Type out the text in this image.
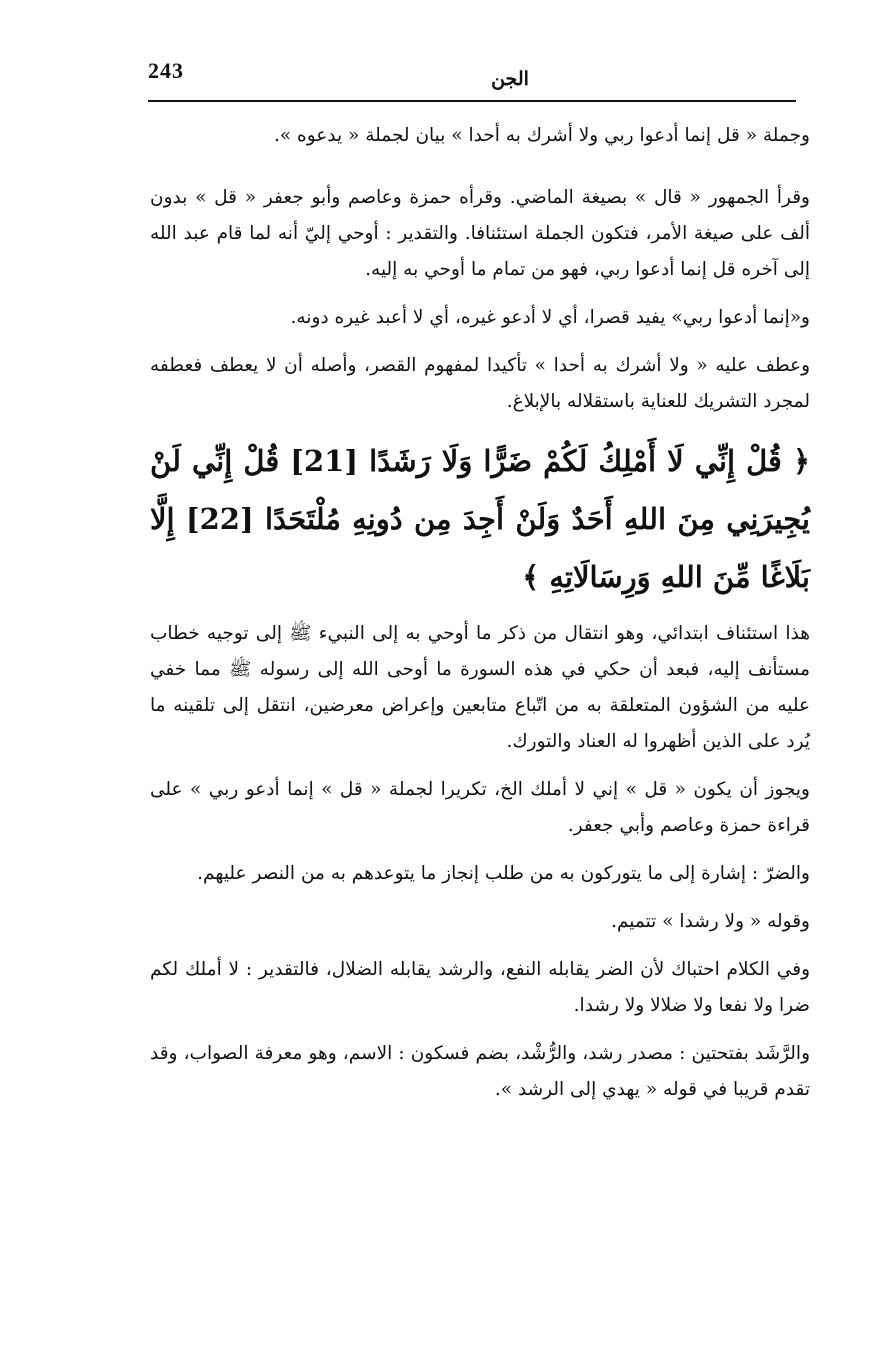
243	الجن

وجملة « قل إنما أدعوا ربي ولا أشرك به أحدا » بيان لجملة « يدعوه ».

وقرأ الجمهور « قال » بصيغة الماضي. وقرأه حمزة وعاصم وأبو جعفر « قل » بدون ألف على صيغة الأمر، فتكون الجملة استئنافا. والتقدير : أوحي إليّ أنه لما قام عبد الله إلى آخره قل إنما أدعوا ربي، فهو من تمام ما أوحي به إليه.

و«إنما أدعوا ربي» يفيد قصرا، أي لا أدعو غيره، أي لا أعبد غيره دونه.

وعطف عليه « ولا أشرك به أحدا » تأكيدا لمفهوم القصر، وأصله أن لا يعطف فعطفه لمجرد التشريك للعناية باستقلاله بالإبلاغ.

﴿ قُلْ إِنِّي لَا أَمْلِكُ لَكُمْ ضَرًّا وَلَا رَشَدًا [21] قُلْ إِنِّي لَنْ يُجِيرَنِي مِنَ اللهِ أَحَدٌ وَلَنْ أَجِدَ مِن دُونِهِ مُلْتَحَدًا [22] إِلَّا بَلَاغًا مِّنَ اللهِ وَرِسَالَاتِهِ ﴾

هذا استئناف ابتدائي، وهو انتقال من ذكر ما أوحي به إلى النبيء ﷺ إلى توجيه خطاب مستأنف إليه، فبعد أن حكي في هذه السورة ما أوحى الله إلى رسوله ﷺ مما خفي عليه من الشؤون المتعلقة به من اتّباع متابعين وإعراض معرضين، انتقل إلى تلقينه ما يُرد على الذين أظهروا له العناد والتورك.

ويجوز أن يكون « قل » إني لا أملك الخ، تكريرا لجملة « قل » إنما أدعو ربي » على قراءة حمزة وعاصم وأبي جعفر.

والضرّ : إشارة إلى ما يتوركون به من طلب إنجاز ما يتوعدهم به من النصر عليهم.

وقوله « ولا رشدا » تتميم.

وفي الكلام احتباك لأن الضر يقابله النفع، والرشد يقابله الضلال، فالتقدير : لا أملك لكم ضرا ولا نفعا ولا ضلالا ولا رشدا.

والرَّشَد بفتحتين : مصدر رشد، والرُّشْد، بضم فسكون : الاسم، وهو معرفة الصواب، وقد تقدم قريبا في قوله « يهدي إلى الرشد ».
